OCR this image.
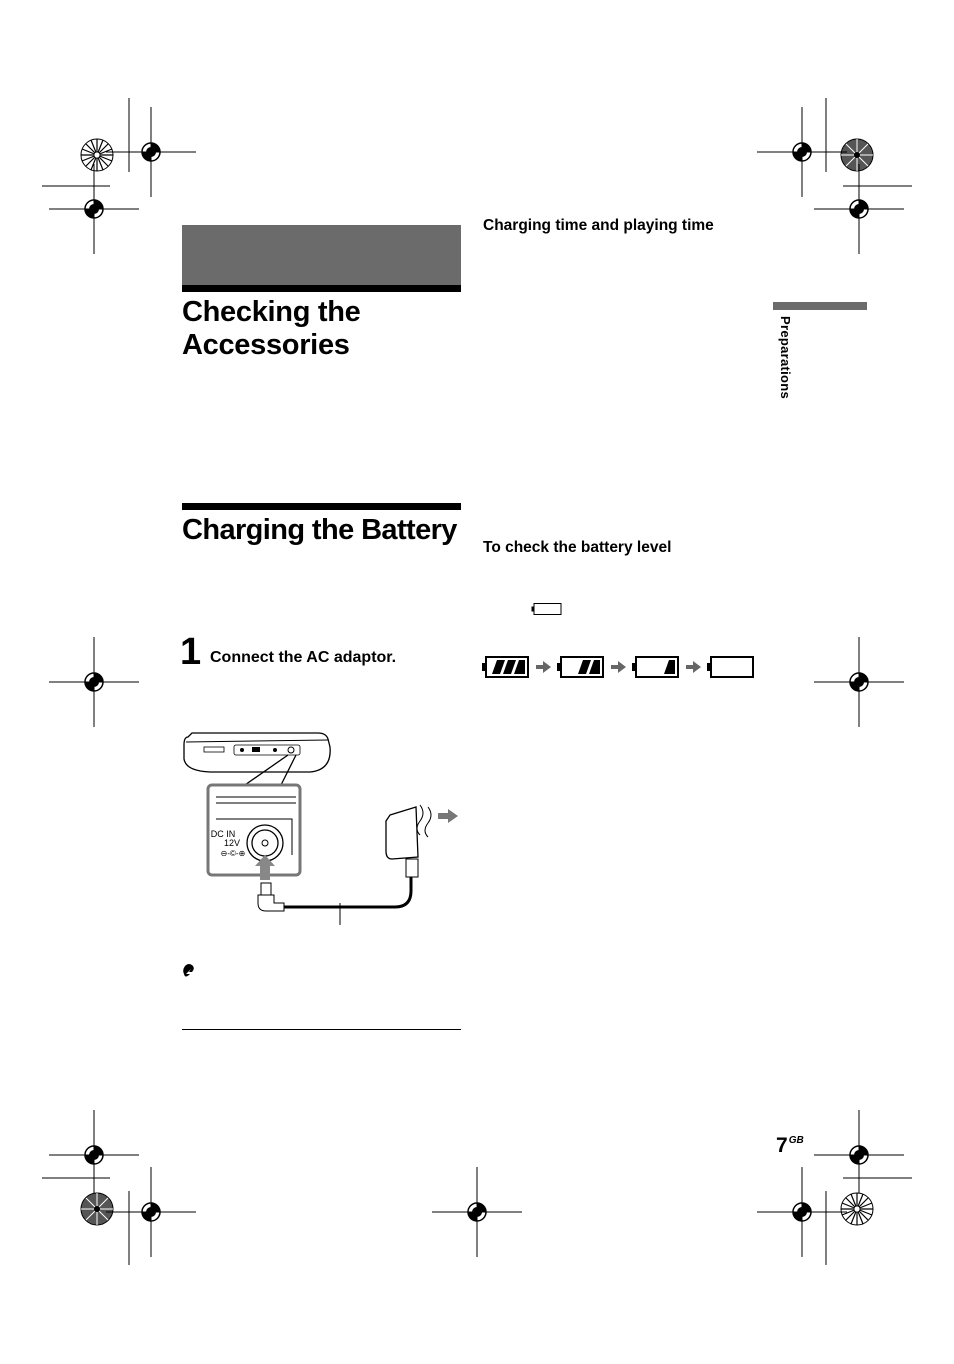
Checking the Accessories
Charging the Battery
1 Connect the AC adaptor.
DC IN
12V
⊖-©-⊕
Charging time and playing time
To check the battery level
Preparations
$7^{GB}$
